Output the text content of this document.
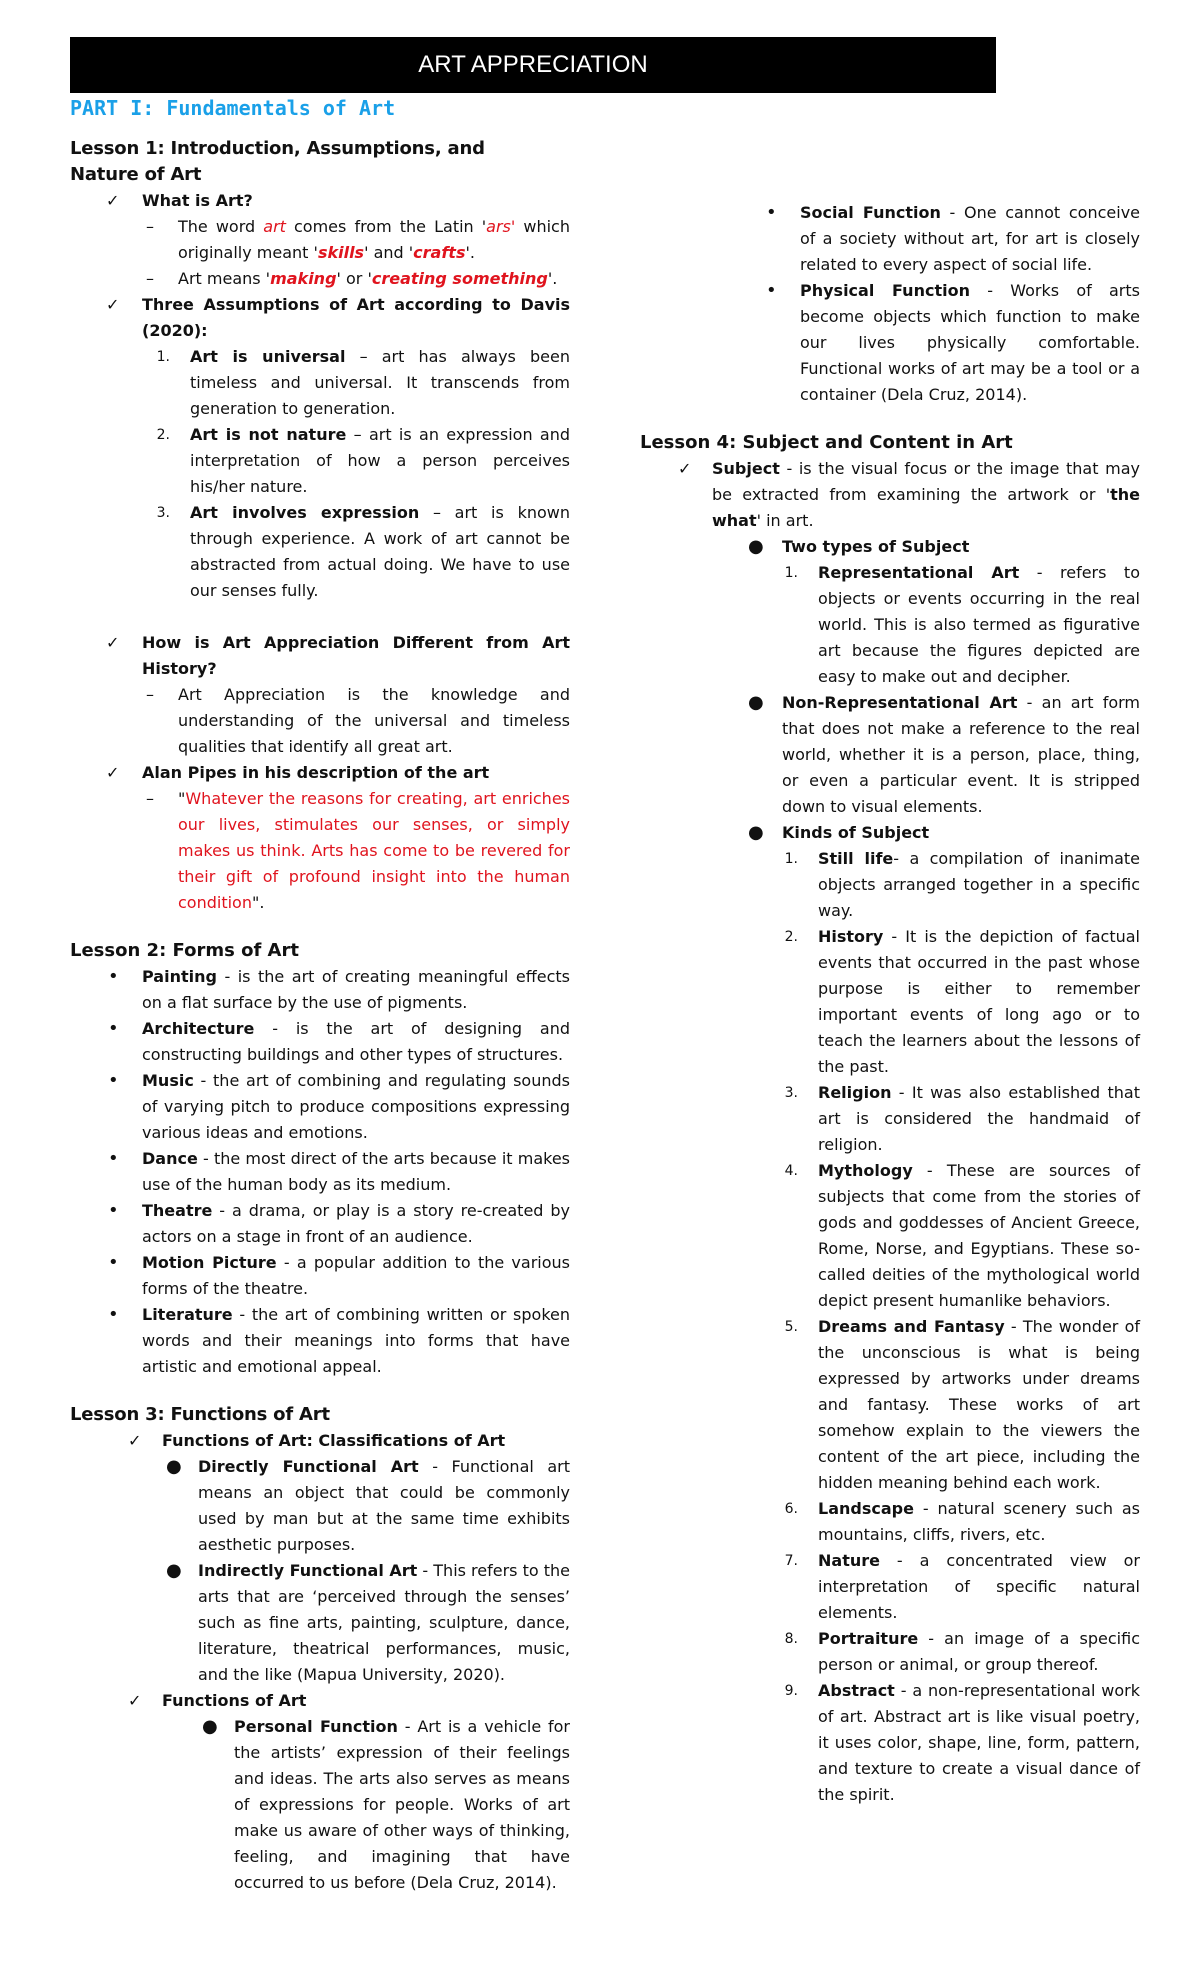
ART APPRECIATION

PART I: Fundamentals of Art

Lesson 1: Introduction, Assumptions, and
Nature of Art

✓	What is Art?
–	The word art comes from the Latin 'ars' which originally meant 'skills' and 'crafts'.
–	Art means 'making' or 'creating something'.
✓	Three Assumptions of Art according to Davis (2020):
1. Art is universal – art has always been timeless and universal. It transcends from generation to generation.
2. Art is not nature – art is an expression and interpretation of how a person perceives his/her nature.
3. Art involves expression – art is known through experience. A work of art cannot be abstracted from actual doing. We have to use our senses fully.
✓	How is Art Appreciation Different from Art History?
–	Art Appreciation is the knowledge and understanding of the universal and timeless qualities that identify all great art.
✓	Alan Pipes in his description of the art
–	"Whatever the reasons for creating, art enriches our lives, stimulates our senses, or simply makes us think. Arts has come to be revered for their gift of profound insight into the human condition".

Lesson 2: Forms of Art

• Painting - is the art of creating meaningful effects on a flat surface by the use of pigments.
• Architecture - is the art of designing and constructing buildings and other types of structures.
• Music - the art of combining and regulating sounds of varying pitch to produce compositions expressing various ideas and emotions.
• Dance - the most direct of the arts because it makes use of the human body as its medium.
• Theatre - a drama, or play is a story re-created by actors on a stage in front of an audience.
• Motion Picture - a popular addition to the various forms of the theatre.
• Literature - the art of combining written or spoken words and their meanings into forms that have artistic and emotional appeal.

Lesson 3: Functions of Art

✓	Functions of Art: Classifications of Art
● Directly Functional Art - Functional art means an object that could be commonly used by man but at the same time exhibits aesthetic purposes.
● Indirectly Functional Art - This refers to the arts that are ‘perceived through the senses’ such as fine arts, painting, sculpture, dance, literature, theatrical performances, music, and the like (Mapua University, 2020).
✓	Functions of Art
● Personal Function - Art is a vehicle for the artists’ expression of their feelings and ideas. The arts also serves as means of expressions for people. Works of art make us aware of other ways of thinking, feeling, and imagining that have occurred to us before (Dela Cruz, 2014).
• Social Function - One cannot conceive of a society without art, for art is closely related to every aspect of social life.
• Physical Function - Works of arts become objects which function to make our lives physically comfortable. Functional works of art may be a tool or a container (Dela Cruz, 2014).

Lesson 4: Subject and Content in Art

✓	Subject - is the visual focus or the image that may be extracted from examining the artwork or 'the what' in art.
● Two types of Subject
1. Representational Art - refers to objects or events occurring in the real world. This is also termed as figurative art because the figures depicted are easy to make out and decipher.
● Non-Representational Art - an art form that does not make a reference to the real world, whether it is a person, place, thing, or even a particular event. It is stripped down to visual elements.
● Kinds of Subject
1. Still life- a compilation of inanimate objects arranged together in a specific way.
2. History - It is the depiction of factual events that occurred in the past whose purpose is either to remember important events of long ago or to teach the learners about the lessons of the past.
3. Religion - It was also established that art is considered the handmaid of religion.
4. Mythology - These are sources of subjects that come from the stories of gods and goddesses of Ancient Greece, Rome, Norse, and Egyptians. These so-called deities of the mythological world depict present humanlike behaviors.
5. Dreams and Fantasy - The wonder of the unconscious is what is being expressed by artworks under dreams and fantasy. These works of art somehow explain to the viewers the content of the art piece, including the hidden meaning behind each work.
6. Landscape - natural scenery such as mountains, cliffs, rivers, etc.
7. Nature - a concentrated view or interpretation of specific natural elements.
8. Portraiture - an image of a specific person or animal, or group thereof.
9. Abstract - a non-representational work of art. Abstract art is like visual poetry, it uses color, shape, line, form, pattern, and texture to create a visual dance of the spirit.
